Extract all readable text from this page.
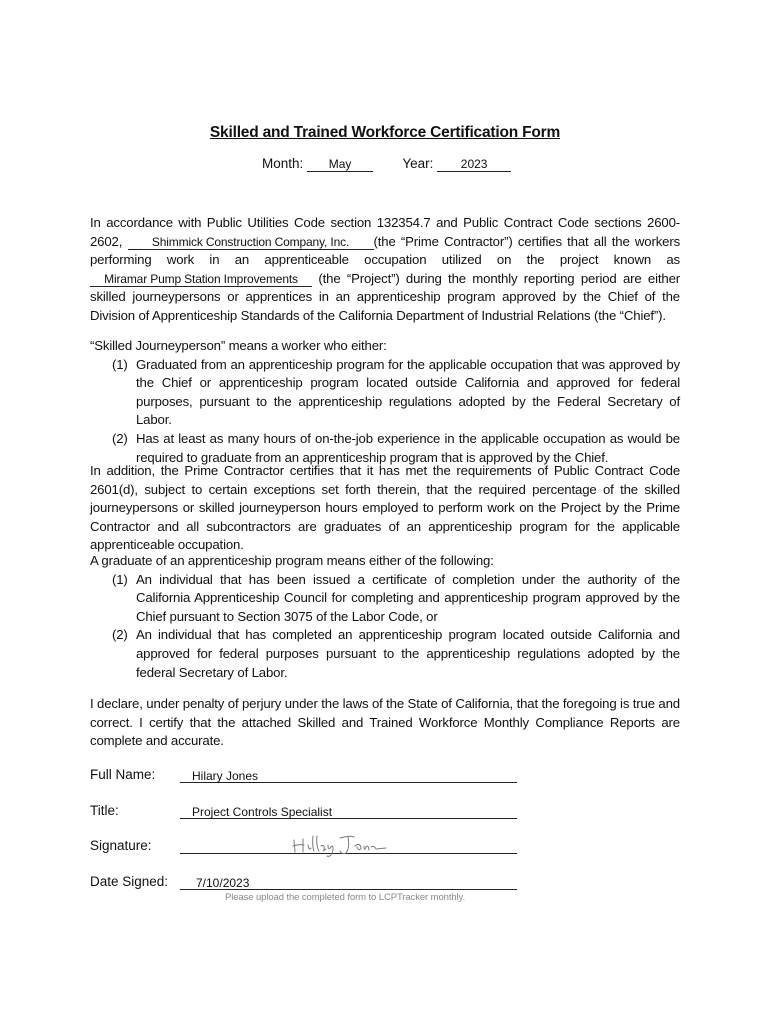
Skilled and Trained Workforce Certification Form
Month: May	Year: 2023
In accordance with Public Utilities Code section 132354.7 and Public Contract Code sections 2600-2602, Shimmick Construction Company, Inc. (the “Prime Contractor”) certifies that all the workers performing work in an apprenticeable occupation utilized on the project known as Miramar Pump Station Improvements (the “Project”) during the monthly reporting period are either skilled journeypersons or apprentices in an apprenticeship program approved by the Chief of the Division of Apprenticeship Standards of the California Department of Industrial Relations (the “Chief”).
“Skilled Journeyperson” means a worker who either:
(1) Graduated from an apprenticeship program for the applicable occupation that was approved by the Chief or apprenticeship program located outside California and approved for federal purposes, pursuant to the apprenticeship regulations adopted by the Federal Secretary of Labor.
(2) Has at least as many hours of on-the-job experience in the applicable occupation as would be required to graduate from an apprenticeship program that is approved by the Chief.
In addition, the Prime Contractor certifies that it has met the requirements of Public Contract Code 2601(d), subject to certain exceptions set forth therein, that the required percentage of the skilled journeypersons or skilled journeyperson hours employed to perform work on the Project by the Prime Contractor and all subcontractors are graduates of an apprenticeship program for the applicable apprenticeable occupation.
A graduate of an apprenticeship program means either of the following:
(1) An individual that has been issued a certificate of completion under the authority of the California Apprenticeship Council for completing and apprenticeship program approved by the Chief pursuant to Section 3075 of the Labor Code, or
(2) An individual that has completed an apprenticeship program located outside California and approved for federal purposes pursuant to the apprenticeship regulations adopted by the federal Secretary of Labor.
I declare, under penalty of perjury under the laws of the State of California, that the foregoing is true and correct. I certify that the attached Skilled and Trained Workforce Monthly Compliance Reports are complete and accurate.
Full Name:	Hilary Jones
Title:	Project Controls Specialist
Signature:
Date Signed:	7/10/2023
Please upload the completed form to LCPTracker monthly.
